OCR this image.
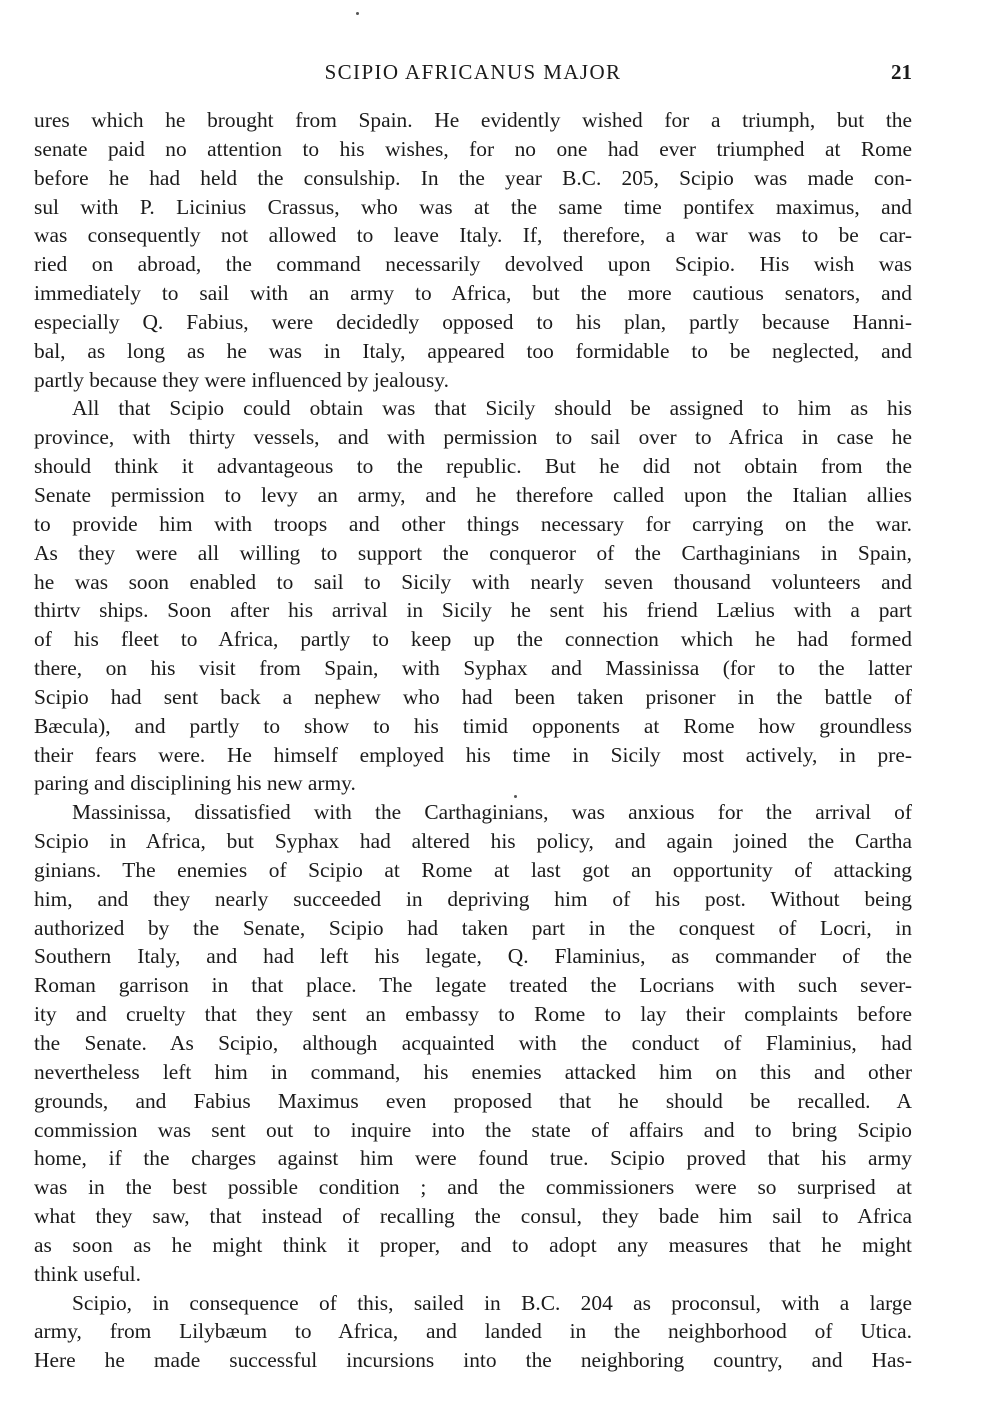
SCIPIO AFRICANUS MAJOR	21
ures which he brought from Spain. He evidently wished for a triumph, but the
senate paid no attention to his wishes, for no one had ever triumphed at Rome
before he had held the consulship. In the year B.C. 205, Scipio was made con-
sul with P. Licinius Crassus, who was at the same time pontifex maximus, and
was consequently not allowed to leave Italy. If, therefore, a war was to be car-
ried on abroad, the command necessarily devolved upon Scipio. His wish was
immediately to sail with an army to Africa, but the more cautious senators, and
especially Q. Fabius, were decidedly opposed to his plan, partly because Hanni-
bal, as long as he was in Italy, appeared too formidable to be neglected, and
partly because they were influenced by jealousy.
All that Scipio could obtain was that Sicily should be assigned to him as his
province, with thirty vessels, and with permission to sail over to Africa in case he
should think it advantageous to the republic. But he did not obtain from the
Senate permission to levy an army, and he therefore called upon the Italian allies
to provide him with troops and other things necessary for carrying on the war.
As they were all willing to support the conqueror of the Carthaginians in Spain,
he was soon enabled to sail to Sicily with nearly seven thousand volunteers and
thirtv ships. Soon after his arrival in Sicily he sent his friend Lælius with a part
of his fleet to Africa, partly to keep up the connection which he had formed
there, on his visit from Spain, with Syphax and Massinissa (for to the latter
Scipio had sent back a nephew who had been taken prisoner in the battle of
Bæcula), and partly to show to his timid opponents at Rome how groundless
their fears were. He himself employed his time in Sicily most actively, in pre-
paring and disciplining his new army.
Massinissa, dissatisfied with the Carthaginians, was anxious for the arrival of
Scipio in Africa, but Syphax had altered his policy, and again joined the Cartha
ginians. The enemies of Scipio at Rome at last got an opportunity of attacking
him, and they nearly succeeded in depriving him of his post. Without being
authorized by the Senate, Scipio had taken part in the conquest of Locri, in
Southern Italy, and had left his legate, Q. Flaminius, as commander of the
Roman garrison in that place. The legate treated the Locrians with such sever-
ity and cruelty that they sent an embassy to Rome to lay their complaints before
the Senate. As Scipio, although acquainted with the conduct of Flaminius, had
nevertheless left him in command, his enemies attacked him on this and other
grounds, and Fabius Maximus even proposed that he should be recalled. A
commission was sent out to inquire into the state of affairs and to bring Scipio
home, if the charges against him were found true. Scipio proved that his army
was in the best possible condition ; and the commissioners were so surprised at
what they saw, that instead of recalling the consul, they bade him sail to Africa
as soon as he might think it proper, and to adopt any measures that he might
think useful.
Scipio, in consequence of this, sailed in B.C. 204 as proconsul, with a large
army, from Lilybæum to Africa, and landed in the neighborhood of Utica.
Here he made successful incursions into the neighboring country, and Has-
